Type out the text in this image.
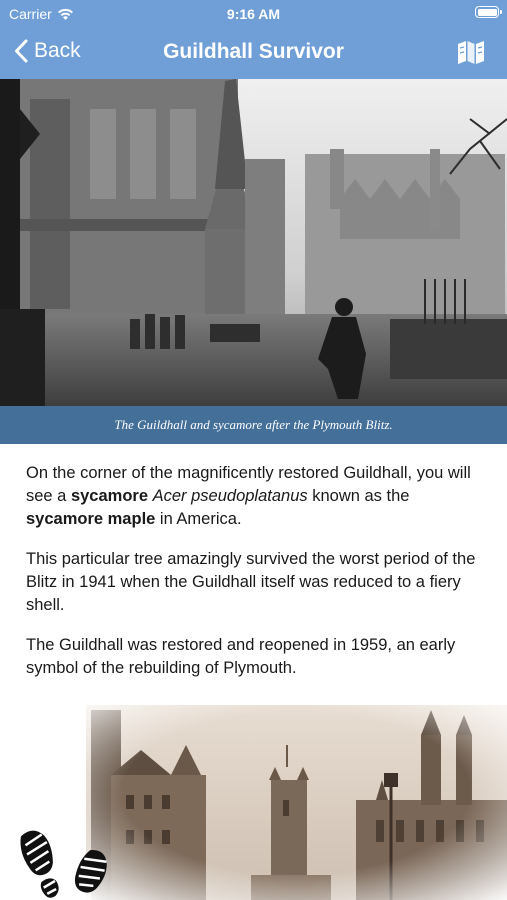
Carrier	9:16 AM
Back	Guildhall Survivor
The Guildhall and sycamore after the Plymouth Blitz.

On the corner of the magnificently restored Guildhall, you will see a sycamore Acer pseudoplatanus known as the sycamore maple in America.

This particular tree amazingly survived the worst period of the Blitz in 1941 when the Guildhall itself was reduced to a fiery shell.

The Guildhall was restored and reopened in 1959, an early symbol of the rebuilding of Plymouth.
